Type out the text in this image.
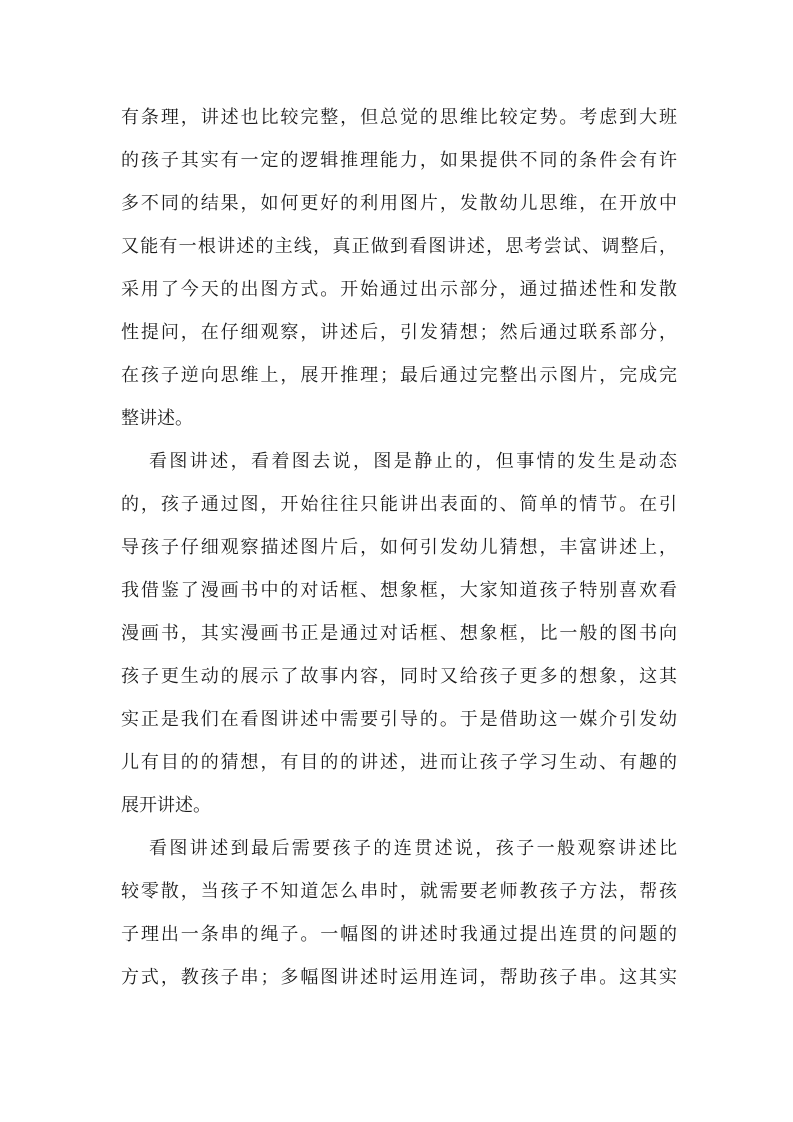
有条理，讲述也比较完整，但总觉的思维比较定势。考虑到大班
的孩子其实有一定的逻辑推理能力，如果提供不同的条件会有许
多不同的结果，如何更好的利用图片，发散幼儿思维，在开放中
又能有一根讲述的主线，真正做到看图讲述，思考尝试、调整后，
采用了今天的出图方式。开始通过出示部分，通过描述性和发散
性提问，在仔细观察，讲述后，引发猜想；然后通过联系部分，
在孩子逆向思维上，展开推理；最后通过完整出示图片，完成完
整讲述。
看图讲述，看着图去说，图是静止的，但事情的发生是动态
的，孩子通过图，开始往往只能讲出表面的、简单的情节。在引
导孩子仔细观察描述图片后，如何引发幼儿猜想，丰富讲述上，
我借鉴了漫画书中的对话框、想象框，大家知道孩子特别喜欢看
漫画书，其实漫画书正是通过对话框、想象框，比一般的图书向
孩子更生动的展示了故事内容，同时又给孩子更多的想象，这其
实正是我们在看图讲述中需要引导的。于是借助这一媒介引发幼
儿有目的的猜想，有目的的讲述，进而让孩子学习生动、有趣的
展开讲述。
看图讲述到最后需要孩子的连贯述说，孩子一般观察讲述比
较零散，当孩子不知道怎么串时，就需要老师教孩子方法，帮孩
子理出一条串的绳子。一幅图的讲述时我通过提出连贯的问题的
方式，教孩子串；多幅图讲述时运用连词，帮助孩子串。这其实
